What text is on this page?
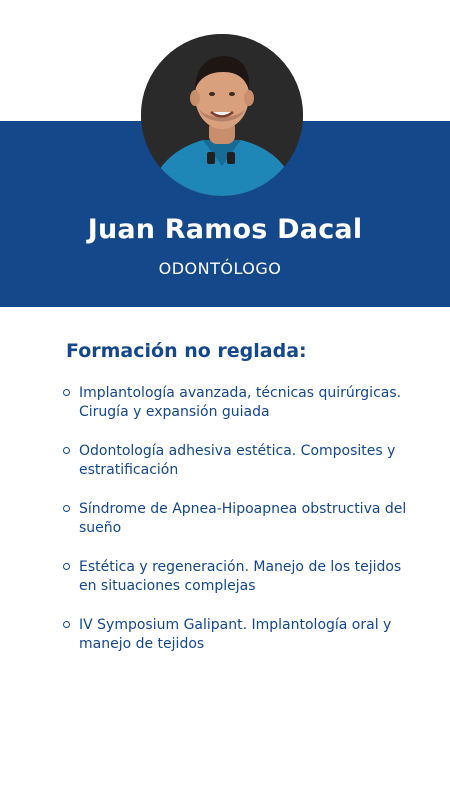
Juan Ramos Dacal
ODONTÓLOGO
Formación no reglada:
Implantología avanzada, técnicas quirúrgicas. Cirugía y expansión guiada
Odontología adhesiva estética. Composites y estratificación
Síndrome de Apnea-Hipoapnea obstructiva del sueño
Estética y regeneración. Manejo de los tejidos en situaciones complejas
IV Symposium Galipant. Implantología oral y manejo de tejidos
